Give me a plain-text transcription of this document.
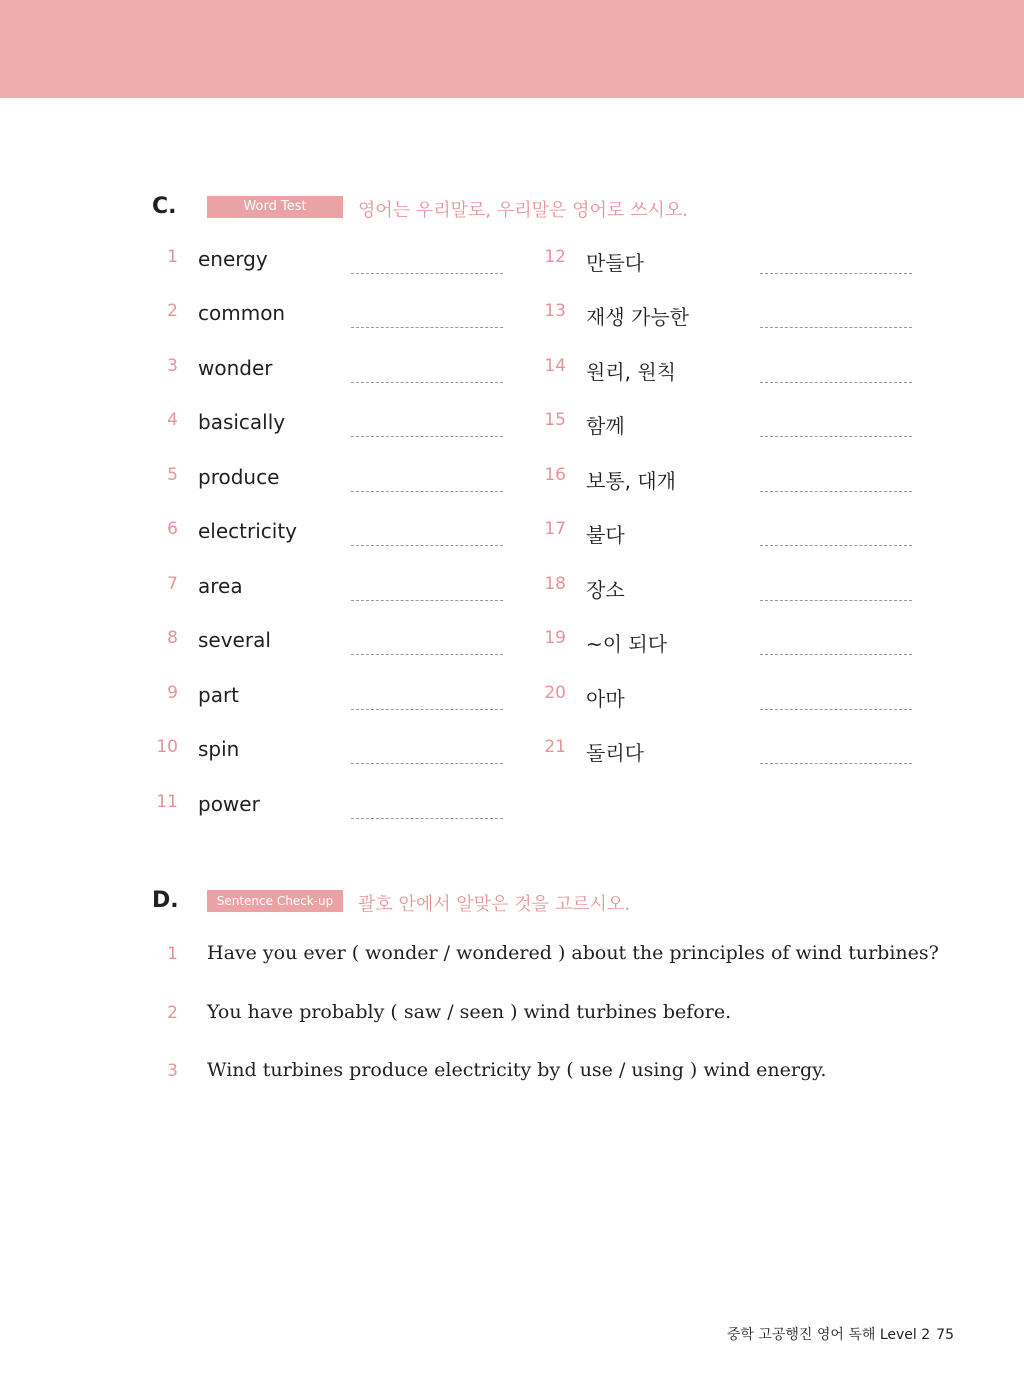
C.	Word Test	영어는 우리말로, 우리말은 영어로 쓰시오.
1 energy
2 common
3 wonder
4 basically
5 produce
6 electricity
7 area
8 several
9 part
10 spin
11 power
12 만들다
13 재생 가능한
14 원리, 원칙
15 함께
16 보통, 대개
17 불다
18 장소
19 ~이 되다
20 아마
21 돌리다
D.	Sentence Check-up	괄호 안에서 알맞은 것을 고르시오.
1 Have you ever ( wonder / wondered ) about the principles of wind turbines?
2 You have probably ( saw / seen ) wind turbines before.
3 Wind turbines produce electricity by ( use / using ) wind energy.
중학 고공행진 영어 독해 Level 2 75
